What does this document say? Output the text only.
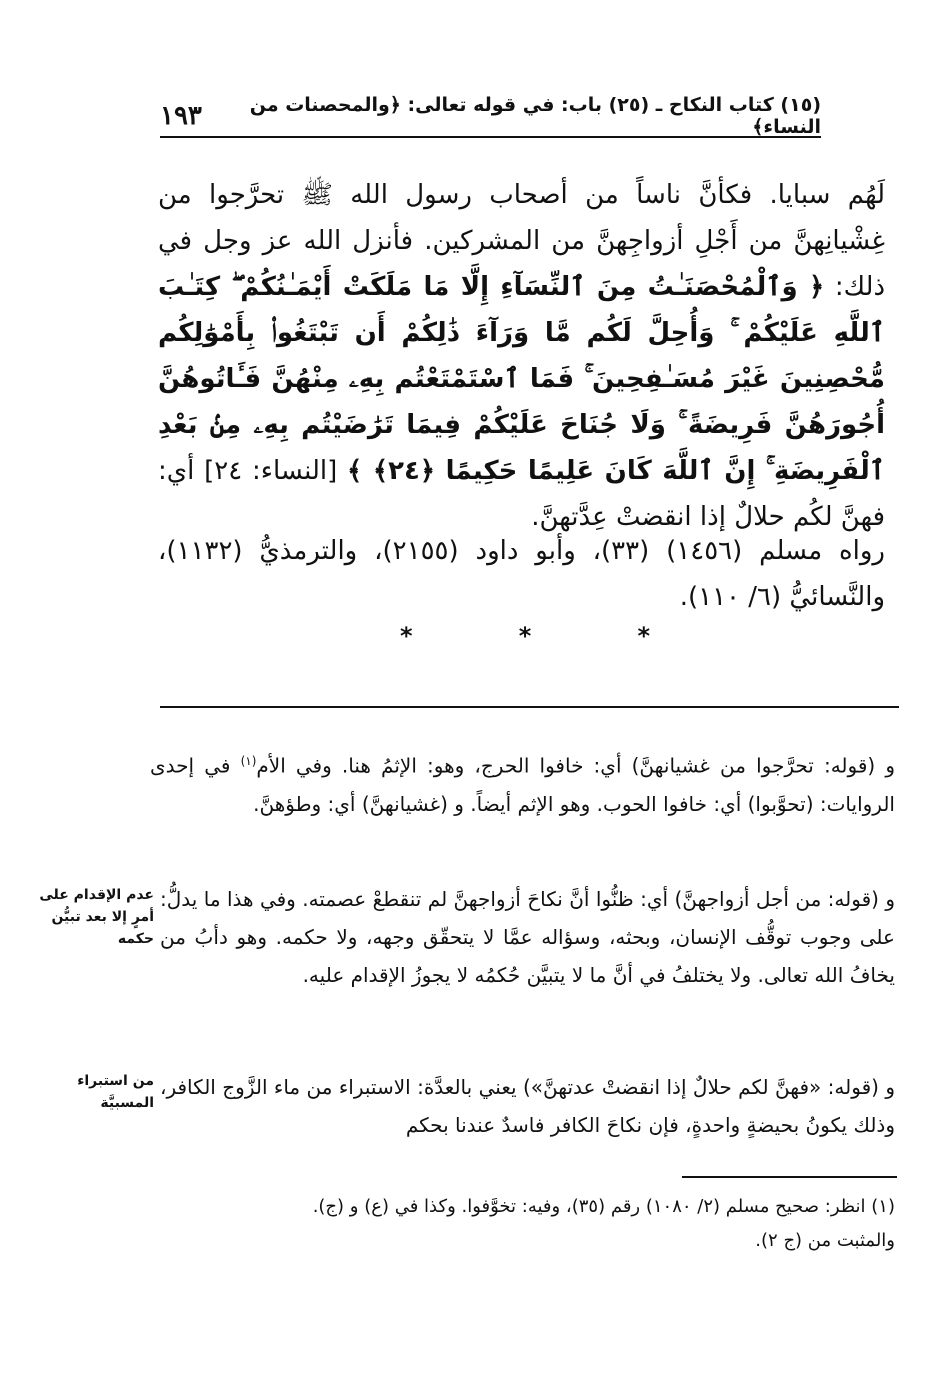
١٩٣	(١٥) كتاب النكاح ـ (٢٥) باب: في قوله تعالى: ﴿والمحصنات من النساء﴾

لَهُم سبايا. فكأنَّ ناساً من أصحاب رسول الله ﷺ تحرَّجوا من غِشْيانِهنَّ من أَجْلِ أزواجِهنَّ من المشركين. فأنزل الله عز وجل في ذلك: ﴿ وَٱلْمُحْصَنَـٰتُ مِنَ ٱلنِّسَآءِ إِلَّا مَا مَلَكَتْ أَيْمَـٰنُكُمْ ۖ كِتَـٰبَ ٱللَّهِ عَلَيْكُمْ ۚ وَأُحِلَّ لَكُم مَّا وَرَآءَ ذَٰلِكُمْ أَن تَبْتَغُوا۟ بِأَمْوَٰلِكُم مُّحْصِنِينَ غَيْرَ مُسَـٰفِحِينَ ۚ فَمَا ٱسْتَمْتَعْتُم بِهِۦ مِنْهُنَّ فَـَٔاتُوهُنَّ أُجُورَهُنَّ فَرِيضَةً ۚ وَلَا جُنَاحَ عَلَيْكُمْ فِيمَا تَرَٰضَيْتُم بِهِۦ مِنۢ بَعْدِ ٱلْفَرِيضَةِ ۚ إِنَّ ٱللَّهَ كَانَ عَلِيمًا حَكِيمًا ﴿٢٤﴾ ﴾ [النساء: ٢٤] أي: فهنَّ لكُم حلالٌ إذا انقضتْ عِدَّتهنَّ.

رواه مسلم (١٤٥٦) (٣٣)، وأبو داود (٢١٥٥)، والترمذيُّ (١١٣٢)، والنَّسائيُّ (٦/ ١١٠).
*
*
*

و (قوله: تحرَّجوا من غشيانهنَّ) أي: خافوا الحرج، وهو: الإثمُ هنا. وفي الأم$^{(١)}$ في إحدى الروايات: (تحوَّبوا) أي: خافوا الحوب. وهو الإثم أيضاً. و (غشيانهنَّ) أي: وطؤهنَّ.

و (قوله: من أجل أزواجهنَّ) أي: ظنُّوا أنَّ نكاحَ أزواجهنَّ لم تنقطعْ عصمته. وفي هذا ما يدلُّ: على وجوب توقُّف الإنسان، وبحثه، وسؤاله عمَّا لا يتحقّق وجهه، ولا حكمه. وهو دأبُ من يخافُ الله تعالى. ولا يختلفُ في أنَّ ما لا يتبيَّن حُكمُه لا يجوزُ الإقدام عليه.

و (قوله: «فهنَّ لكم حلالٌ إذا انقضتْ عدتهنَّ») يعني بالعدَّة: الاستبراء من ماء الزَّوج الكافر، وذلك يكونُ بحيضةٍ واحدةٍ، فإن نكاحَ الكافر فاسدٌ عندنا بحكم

عدم الإقدام على أمرٍ إلا بعد تبيُّن حكمه
من استبراء المسبيَّة

(١) انظر: صحيح مسلم (٢/ ١٠٨٠) رقم (٣٥)، وفيه: تخوَّفوا. وكذا في (ع) و (ج).

والمثبت من (ج ٢).
